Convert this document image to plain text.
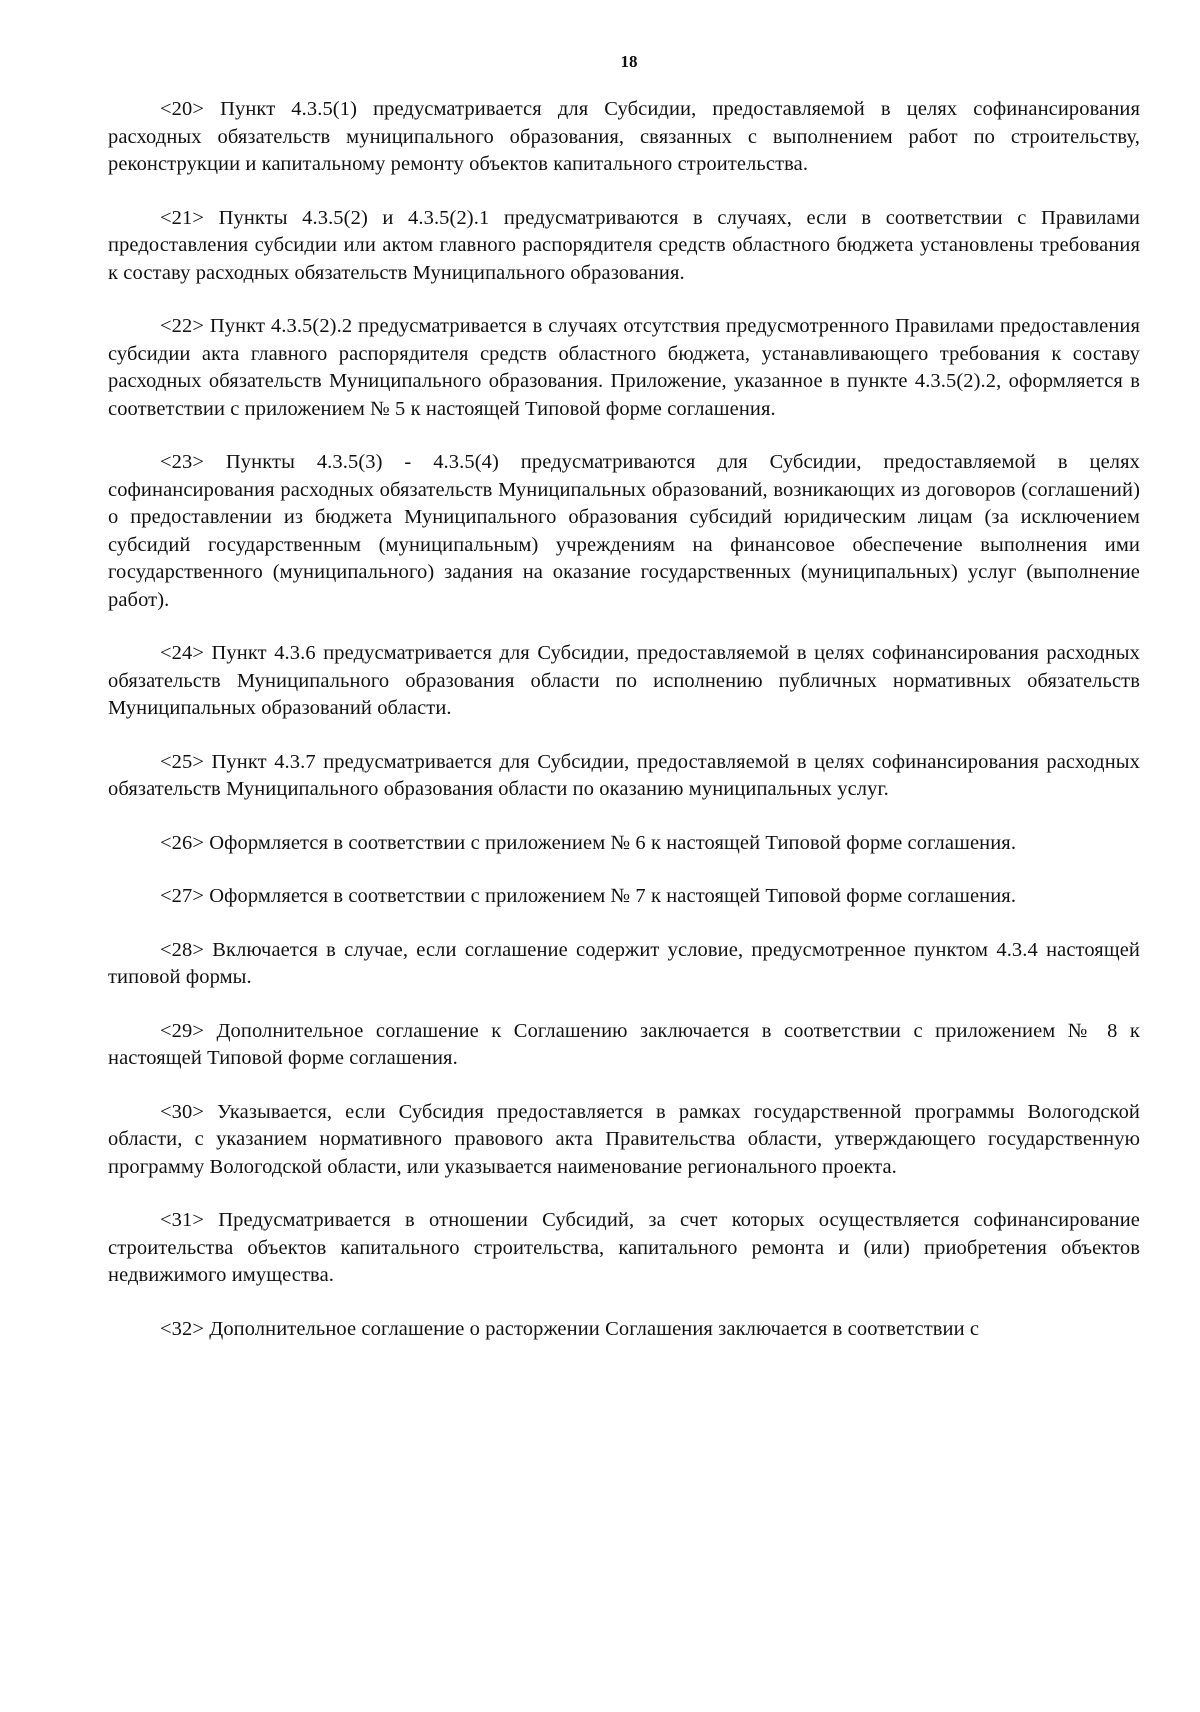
18

<20> Пункт 4.3.5(1) предусматривается для Субсидии, предоставляемой в целях софинансирования расходных обязательств муниципального образования, связанных с выполнением работ по строительству, реконструкции и капитальному ремонту объектов капитального строительства.

<21> Пункты 4.3.5(2) и 4.3.5(2).1 предусматриваются в случаях, если в соответствии с Правилами предоставления субсидии или актом главного распорядителя средств областного бюджета установлены требования к составу расходных обязательств Муниципального образования.

<22> Пункт 4.3.5(2).2 предусматривается в случаях отсутствия предусмотренного Правилами предоставления субсидии акта главного распорядителя средств областного бюджета, устанавливающего требования к составу расходных обязательств Муниципального образования. Приложение, указанное в пункте 4.3.5(2).2, оформляется в соответствии с приложением № 5 к настоящей Типовой форме соглашения.

<23> Пункты 4.3.5(3) - 4.3.5(4) предусматриваются для Субсидии, предоставляемой в целях софинансирования расходных обязательств Муниципальных образований, возникающих из договоров (соглашений) о предоставлении из бюджета Муниципального образования субсидий юридическим лицам (за исключением субсидий государственным (муниципальным) учреждениям на финансовое обеспечение выполнения ими государственного (муниципального) задания на оказание государственных (муниципальных) услуг (выполнение работ).

<24> Пункт 4.3.6 предусматривается для Субсидии, предоставляемой в целях софинансирования расходных обязательств Муниципального образования области по исполнению публичных нормативных обязательств Муниципальных образований области.

<25> Пункт 4.3.7 предусматривается для Субсидии, предоставляемой в целях софинансирования расходных обязательств Муниципального образования области по оказанию муниципальных услуг.

<26> Оформляется в соответствии с приложением № 6 к настоящей Типовой форме соглашения.

<27> Оформляется в соответствии с приложением № 7 к настоящей Типовой форме соглашения.

<28> Включается в случае, если соглашение содержит условие, предусмотренное пунктом 4.3.4 настоящей типовой формы.

<29> Дополнительное соглашение к Соглашению заключается в соответствии с приложением № 8 к настоящей Типовой форме соглашения.

<30> Указывается, если Субсидия предоставляется в рамках государственной программы Вологодской области, с указанием нормативного правового акта Правительства области, утверждающего государственную программу Вологодской области, или указывается наименование регионального проекта.

<31> Предусматривается в отношении Субсидий, за счет которых осуществляется софинансирование строительства объектов капитального строительства, капитального ремонта и (или) приобретения объектов недвижимого имущества.

<32> Дополнительное соглашение о расторжении Соглашения заключается в соответствии с
